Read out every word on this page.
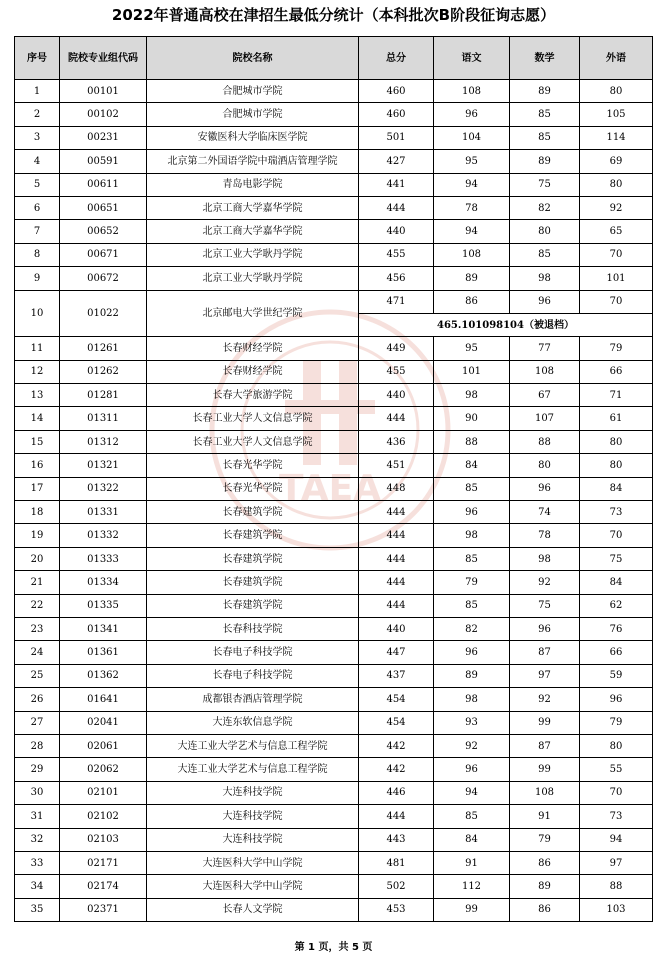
2022年普通高校在津招生最低分统计（本科批次B阶段征询志愿）
TAEA
序号	院校专业组代码	院校名称	总分	语文	数学	外语
1	00101	合肥城市学院	460	108	89	80
2	00102	合肥城市学院	460	96	85	105
3	00231	安徽医科大学临床医学院	501	104	85	114
4	00591	北京第二外国语学院中瑞酒店管理学院	427	95	89	69
5	00611	青岛电影学院	441	94	75	80
6	00651	北京工商大学嘉华学院	444	78	82	92
7	00652	北京工商大学嘉华学院	440	94	80	65
8	00671	北京工业大学耿丹学院	455	108	85	70
9	00672	北京工业大学耿丹学院	456	89	98	101
10	01022	北京邮电大学世纪学院	471	86	96	70
			465.101098104（被退档）			
11	01261	长春财经学院	449	95	77	79
12	01262	长春财经学院	455	101	108	66
13	01281	长春大学旅游学院	440	98	67	71
14	01311	长春工业大学人文信息学院	444	90	107	61
15	01312	长春工业大学人文信息学院	436	88	88	80
16	01321	长春光华学院	451	84	80	80
17	01322	长春光华学院	448	85	96	84
18	01331	长春建筑学院	444	96	74	73
19	01332	长春建筑学院	444	98	78	70
20	01333	长春建筑学院	444	85	98	75
21	01334	长春建筑学院	444	79	92	84
22	01335	长春建筑学院	444	85	75	62
23	01341	长春科技学院	440	82	96	76
24	01361	长春电子科技学院	447	96	87	66
25	01362	长春电子科技学院	437	89	97	59
26	01641	成都银杏酒店管理学院	454	98	92	96
27	02041	大连东软信息学院	454	93	99	79
28	02061	大连工业大学艺术与信息工程学院	442	92	87	80
29	02062	大连工业大学艺术与信息工程学院	442	96	99	55
30	02101	大连科技学院	446	94	108	70
31	02102	大连科技学院	444	85	91	73
32	02103	大连科技学院	443	84	79	94
33	02171	大连医科大学中山学院	481	91	86	97
34	02174	大连医科大学中山学院	502	112	89	88
35	02371	长春人文学院	453	99	86	103
第 1 页，共 5 页
